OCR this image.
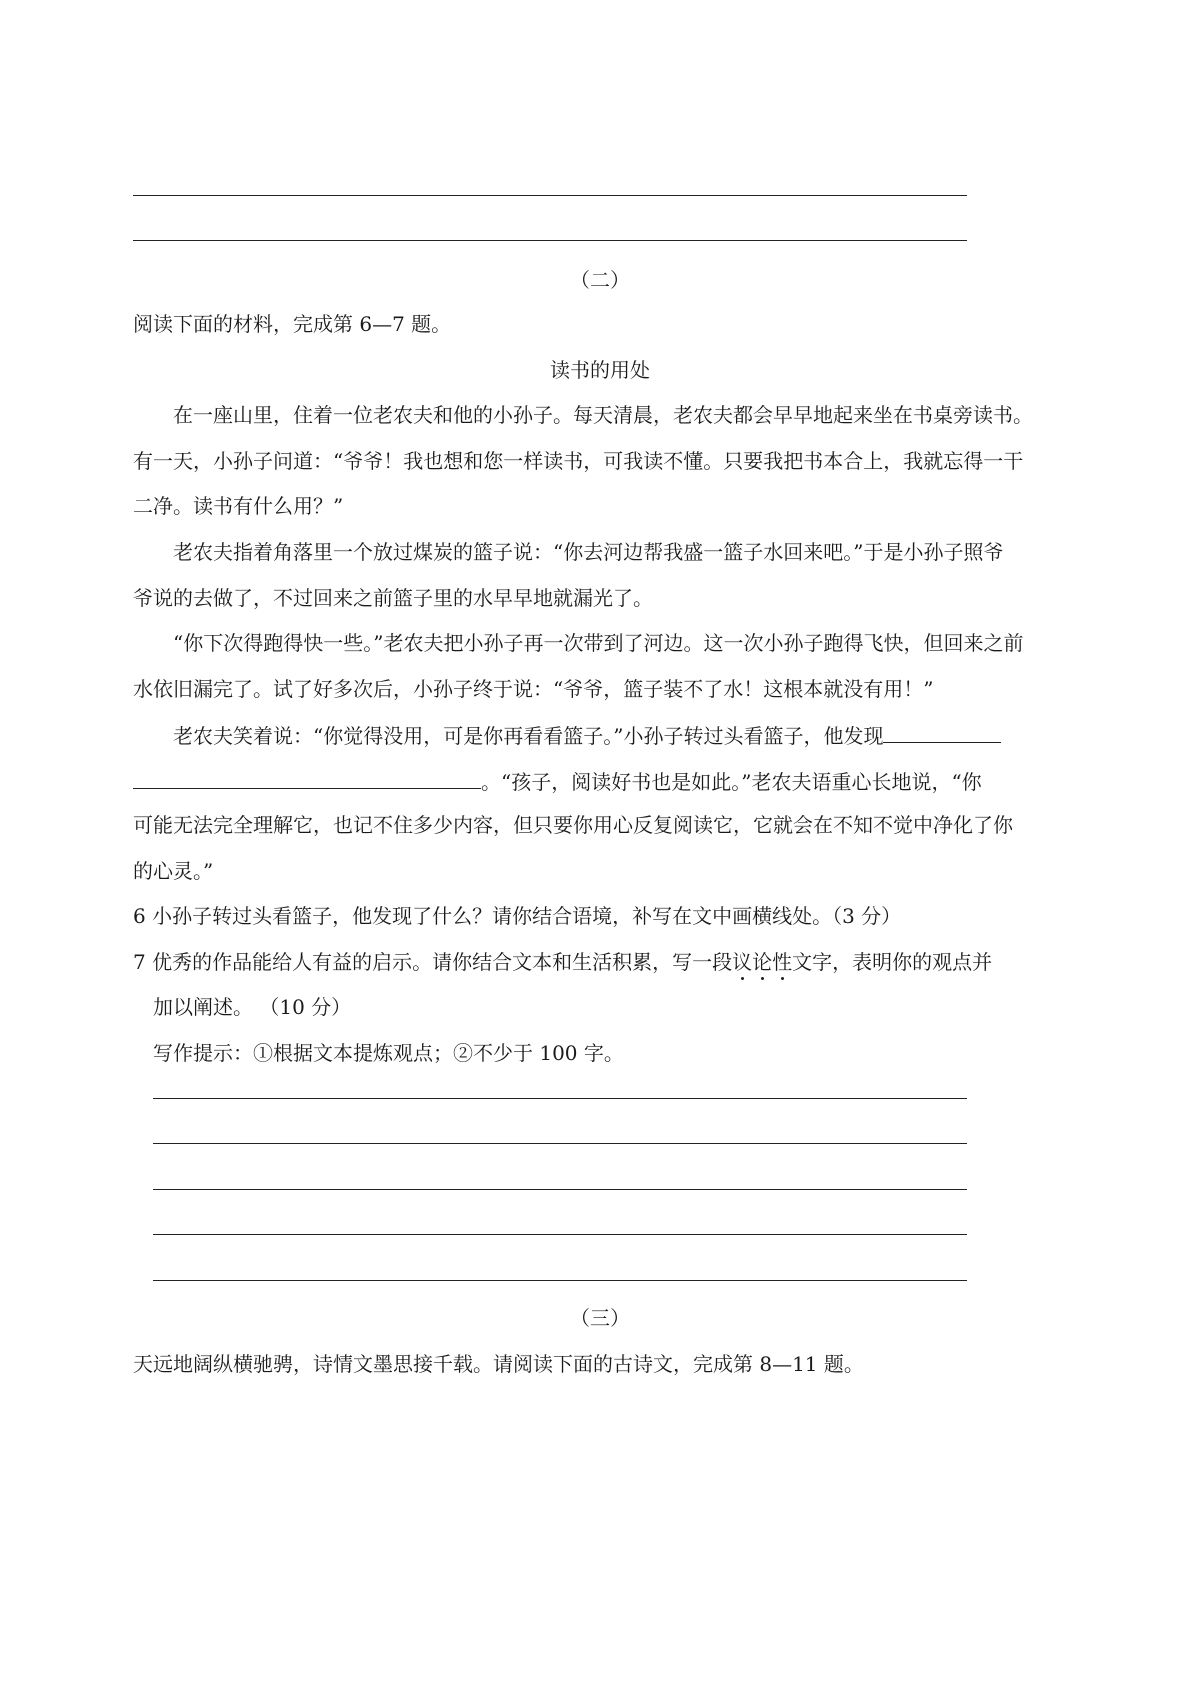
（二）
阅读下面的材料，完成第 6—7 题。
读书的用处
在一座山里，住着一位老农夫和他的小孙子。每天清晨，老农夫都会早早地起来坐在书桌旁读书。
有一天，小孙子问道：“爷爷！我也想和您一样读书，可我读不懂。只要我把书本合上，我就忘得一干
二净。读书有什么用？”
老农夫指着角落里一个放过煤炭的篮子说：“你去河边帮我盛一篮子水回来吧。”于是小孙子照爷
爷说的去做了，不过回来之前篮子里的水早早地就漏光了。
“你下次得跑得快一些。”老农夫把小孙子再一次带到了河边。这一次小孙子跑得飞快，但回来之前
水依旧漏完了。试了好多次后，小孙子终于说：“爷爷，篮子装不了水！这根本就没有用！”
老农夫笑着说：“你觉得没用，可是你再看看篮子。”小孙子转过头看篮子，他发现
。“孩子，阅读好书也是如此。”老农夫语重心长地说，“你
可能无法完全理解它，也记不住多少内容，但只要你用心反复阅读它，它就会在不知不觉中净化了你
的心灵。”
6 小孙子转过头看篮子，他发现了什么？请你结合语境，补写在文中画横线处。（3 分）
7 优秀的作品能给人有益的启示。请你结合文本和生活积累，写一段议论性文字，表明你的观点并
加以阐述。 （10 分）
写作提示：①根据文本提炼观点；②不少于 100 字。
（三）
天远地阔纵横驰骋，诗情文墨思接千载。请阅读下面的古诗文，完成第 8—11 题。
